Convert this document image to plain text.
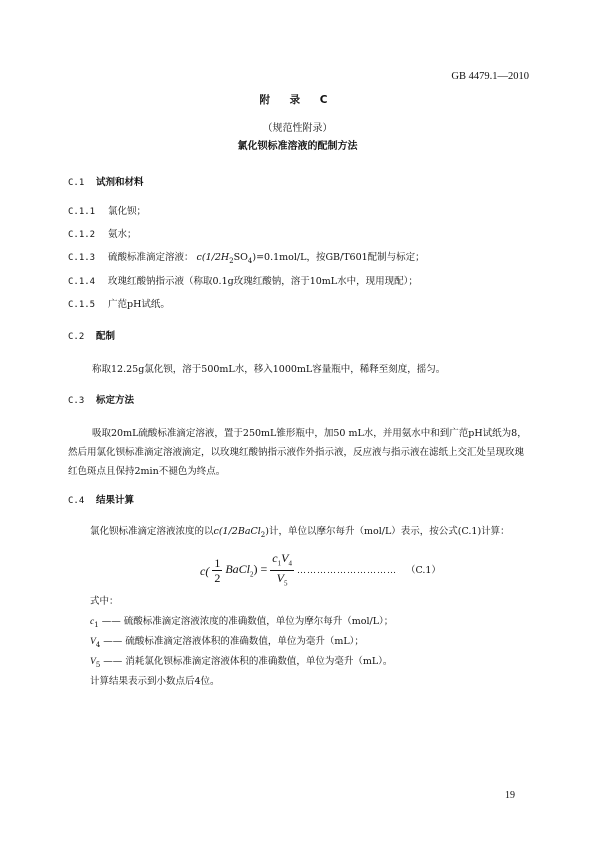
GB 4479.1—2010
附 录 C
（规范性附录）
氯化钡标准溶液的配制方法
C.1 试剂和材料
C.1.1 氯化钡；
C.1.2 氨水；
C.1.3 硫酸标准滴定溶液： $c(1/2H_2SO_4)=0.1mol/L$，按GB/T601配制与标定；
C.1.4 玫瑰红酸钠指示液（称取0.1g玫瑰红酸钠，溶于10mL水中，现用现配）；
C.1.5 广范pH试纸。
C.2 配制
称取12.25g氯化钡，溶于500mL水，移入1000mL容量瓶中，稀释至刻度，摇匀。
C.3 标定方法
吸取20mL硫酸标准滴定溶液，置于250mL锥形瓶中，加50 mL水，并用氨水中和到广范pH试纸为8，然后用氯化钡标准滴定溶液滴定，以玫瑰红酸钠指示液作外指示液，反应液与指示液在滤纸上交汇处呈现玫瑰红色斑点且保持2min不褪色为终点。
C.4 结果计算
氯化钡标准滴定溶液浓度的以c(1/2BaCl$_2$)计，单位以摩尔每升（mol/L）表示，按公式(C.1)计算：
$c( \frac{1}{2}$ BaCl$_2$) = $\frac{c_1V_4}{V_5}$ ………………………… （C.1）
式中：
$c_1$ —— 硫酸标准滴定溶液浓度的准确数值，单位为摩尔每升（mol/L）；
$V_4$ —— 硫酸标准滴定溶液体积的准确数值，单位为毫升（mL）；
$V_5$ —— 消耗氯化钡标准滴定溶液体积的准确数值，单位为毫升（mL）。
计算结果表示到小数点后4位。
19
